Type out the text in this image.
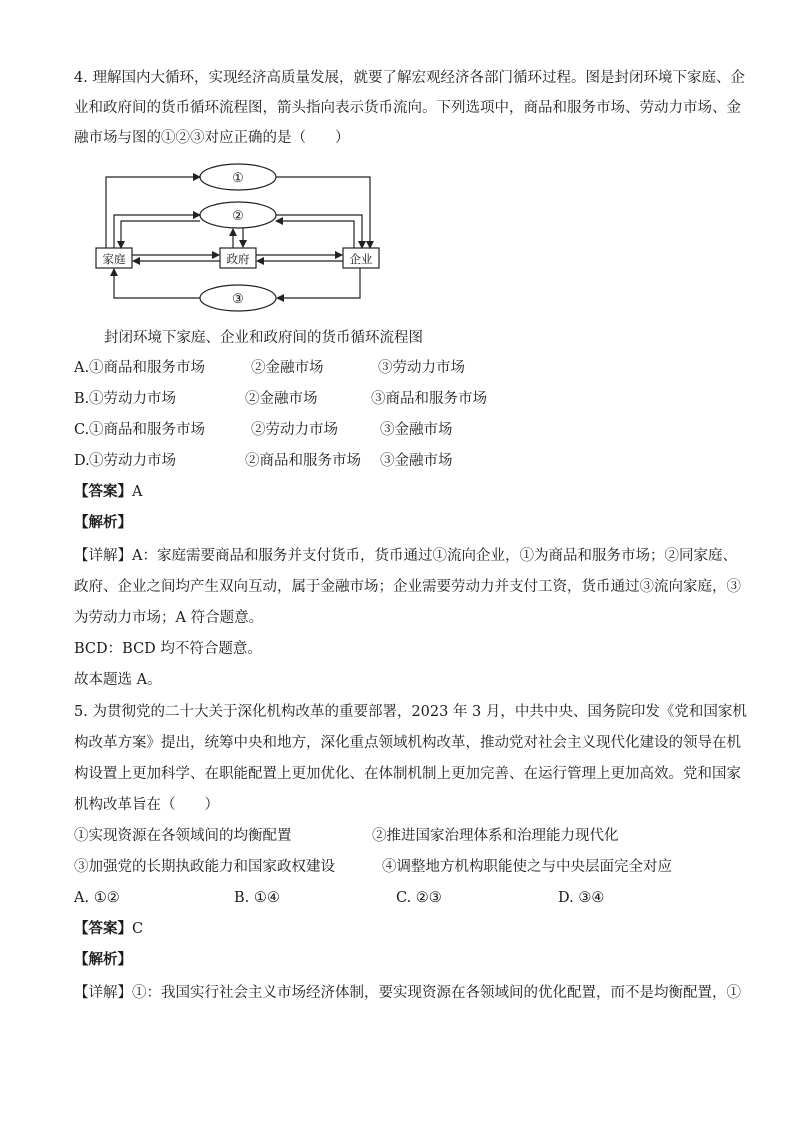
4. 理解国内大循环，实现经济高质量发展，就要了解宏观经济各部门循环过程。图是封闭环境下家庭、企
业和政府间的货币循环流程图，箭头指向表示货币流向。下列选项中，商品和服务市场、劳动力市场、金
融市场与图的①②③对应正确的是（　　）
①
②
③
家庭	政府	企业
封闭环境下家庭、企业和政府间的货币循环流程图
A. ①商品和服务市场	②金融市场	③劳动力市场
B. ①劳动力市场	②金融市场	③商品和服务市场
C. ①商品和服务市场	②劳动力市场	③金融市场
D. ①劳动力市场	②商品和服务市场 ③金融市场
【答案】A
【解析】
【详解】A：家庭需要商品和服务并支付货币，货币通过①流向企业，①为商品和服务市场；②同家庭、
政府、企业之间均产生双向互动，属于金融市场；企业需要劳动力并支付工资，货币通过③流向家庭，③
为劳动力市场；A 符合题意。
BCD：BCD 均不符合题意。
故本题选 A。
5. 为贯彻党的二十大关于深化机构改革的重要部署，2023 年 3 月，中共中央、国务院印发《党和国家机
构改革方案》提出，统筹中央和地方，深化重点领域机构改革，推动党对社会主义现代化建设的领导在机
构设置上更加科学、在职能配置上更加优化、在体制机制上更加完善、在运行管理上更加高效。党和国家
机构改革旨在（　　）
①实现资源在各领域间的均衡配置	②推进国家治理体系和治理能力现代化
③加强党的长期执政能力和国家政权建设	④调整地方机构职能使之与中央层面完全对应
A. ①②	B. ①④	C. ②③	D. ③④
【答案】C
【解析】
【详解】①：我国实行社会主义市场经济体制，要实现资源在各领域间的优化配置，而不是均衡配置，①
